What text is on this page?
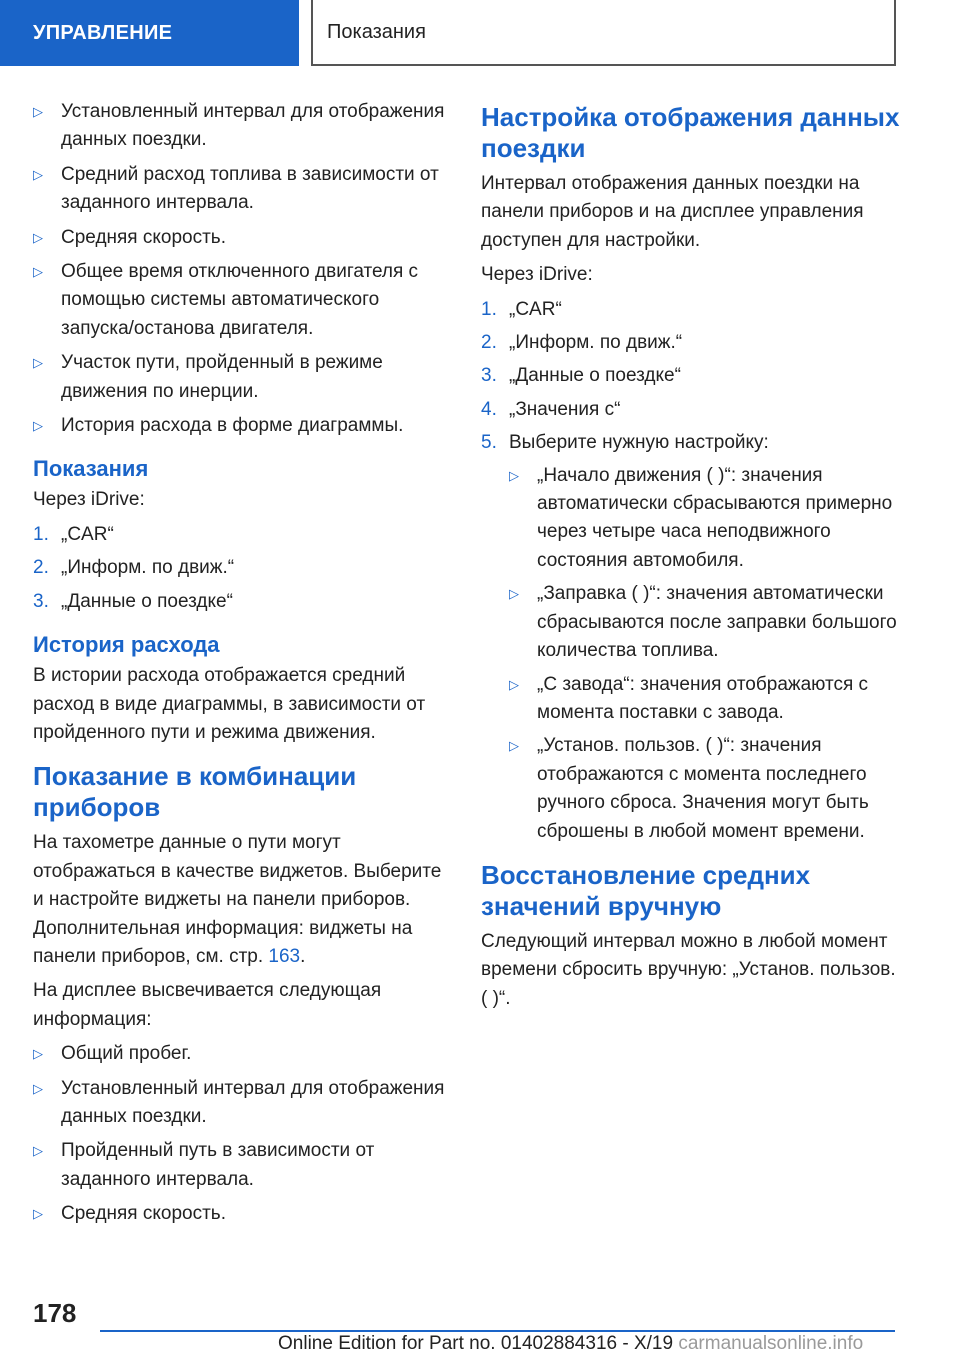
УПРАВЛЕНИЕ	Показания
▷ Установленный интервал для отображения данных поездки.
▷ Средний расход топлива в зависимости от заданного интервала.
▷ Средняя скорость.
▷ Общее время отключенного двигателя с помощью системы автоматического запуска/останова двигателя.
▷ Участок пути, пройденный в режиме движения по инерции.
▷ История расхода в форме диаграммы.
Показания

Через iDrive:

1. „CAR“
2. „Информ. по движ.“
3. „Данные о поездке“
История расхода

В истории расхода отображается средний расход в виде диаграммы, в зависимости от пройденного пути и режима движения.

Показание в комбинации приборов

На тахометре данные о пути могут отображаться в качестве виджетов. Выберите и настройте виджеты на панели приборов. Дополнительная информация: виджеты на панели приборов, см. стр. 163.

На дисплее высвечивается следующая информация:

▷ Общий пробег.
▷ Установленный интервал для отображения данных поездки.
▷ Пройденный путь в зависимости от заданного интервала.
▷ Средняя скорость.
Настройка отображения данных поездки

Интервал отображения данных поездки на панели приборов и на дисплее управления доступен для настройки.

Через iDrive:

1. „CAR“
2. „Информ. по движ.“
3. „Данные о поездке“
4. „Значения с“
5. Выберите нужную настройку:
▷ „Начало движения ( )“: значения автоматически сбрасываются примерно через четыре часа неподвижного состояния автомобиля.
▷ „Заправка ( )“: значения автоматически сбрасываются после заправки большого количества топлива.
▷ „С завода“: значения отображаются с момента поставки с завода.
▷ „Установ. пользов. ( )“: значения отображаются с момента последнего ручного сброса. Значения могут быть сброшены в любой момент времени.
Восстановление средних значений вручную

Следующий интервал можно в любой момент времени сбросить вручную: „Установ. пользов. ( )“.

178
Online Edition for Part no. 01402884316 - X/19 carmanualsonline.info
